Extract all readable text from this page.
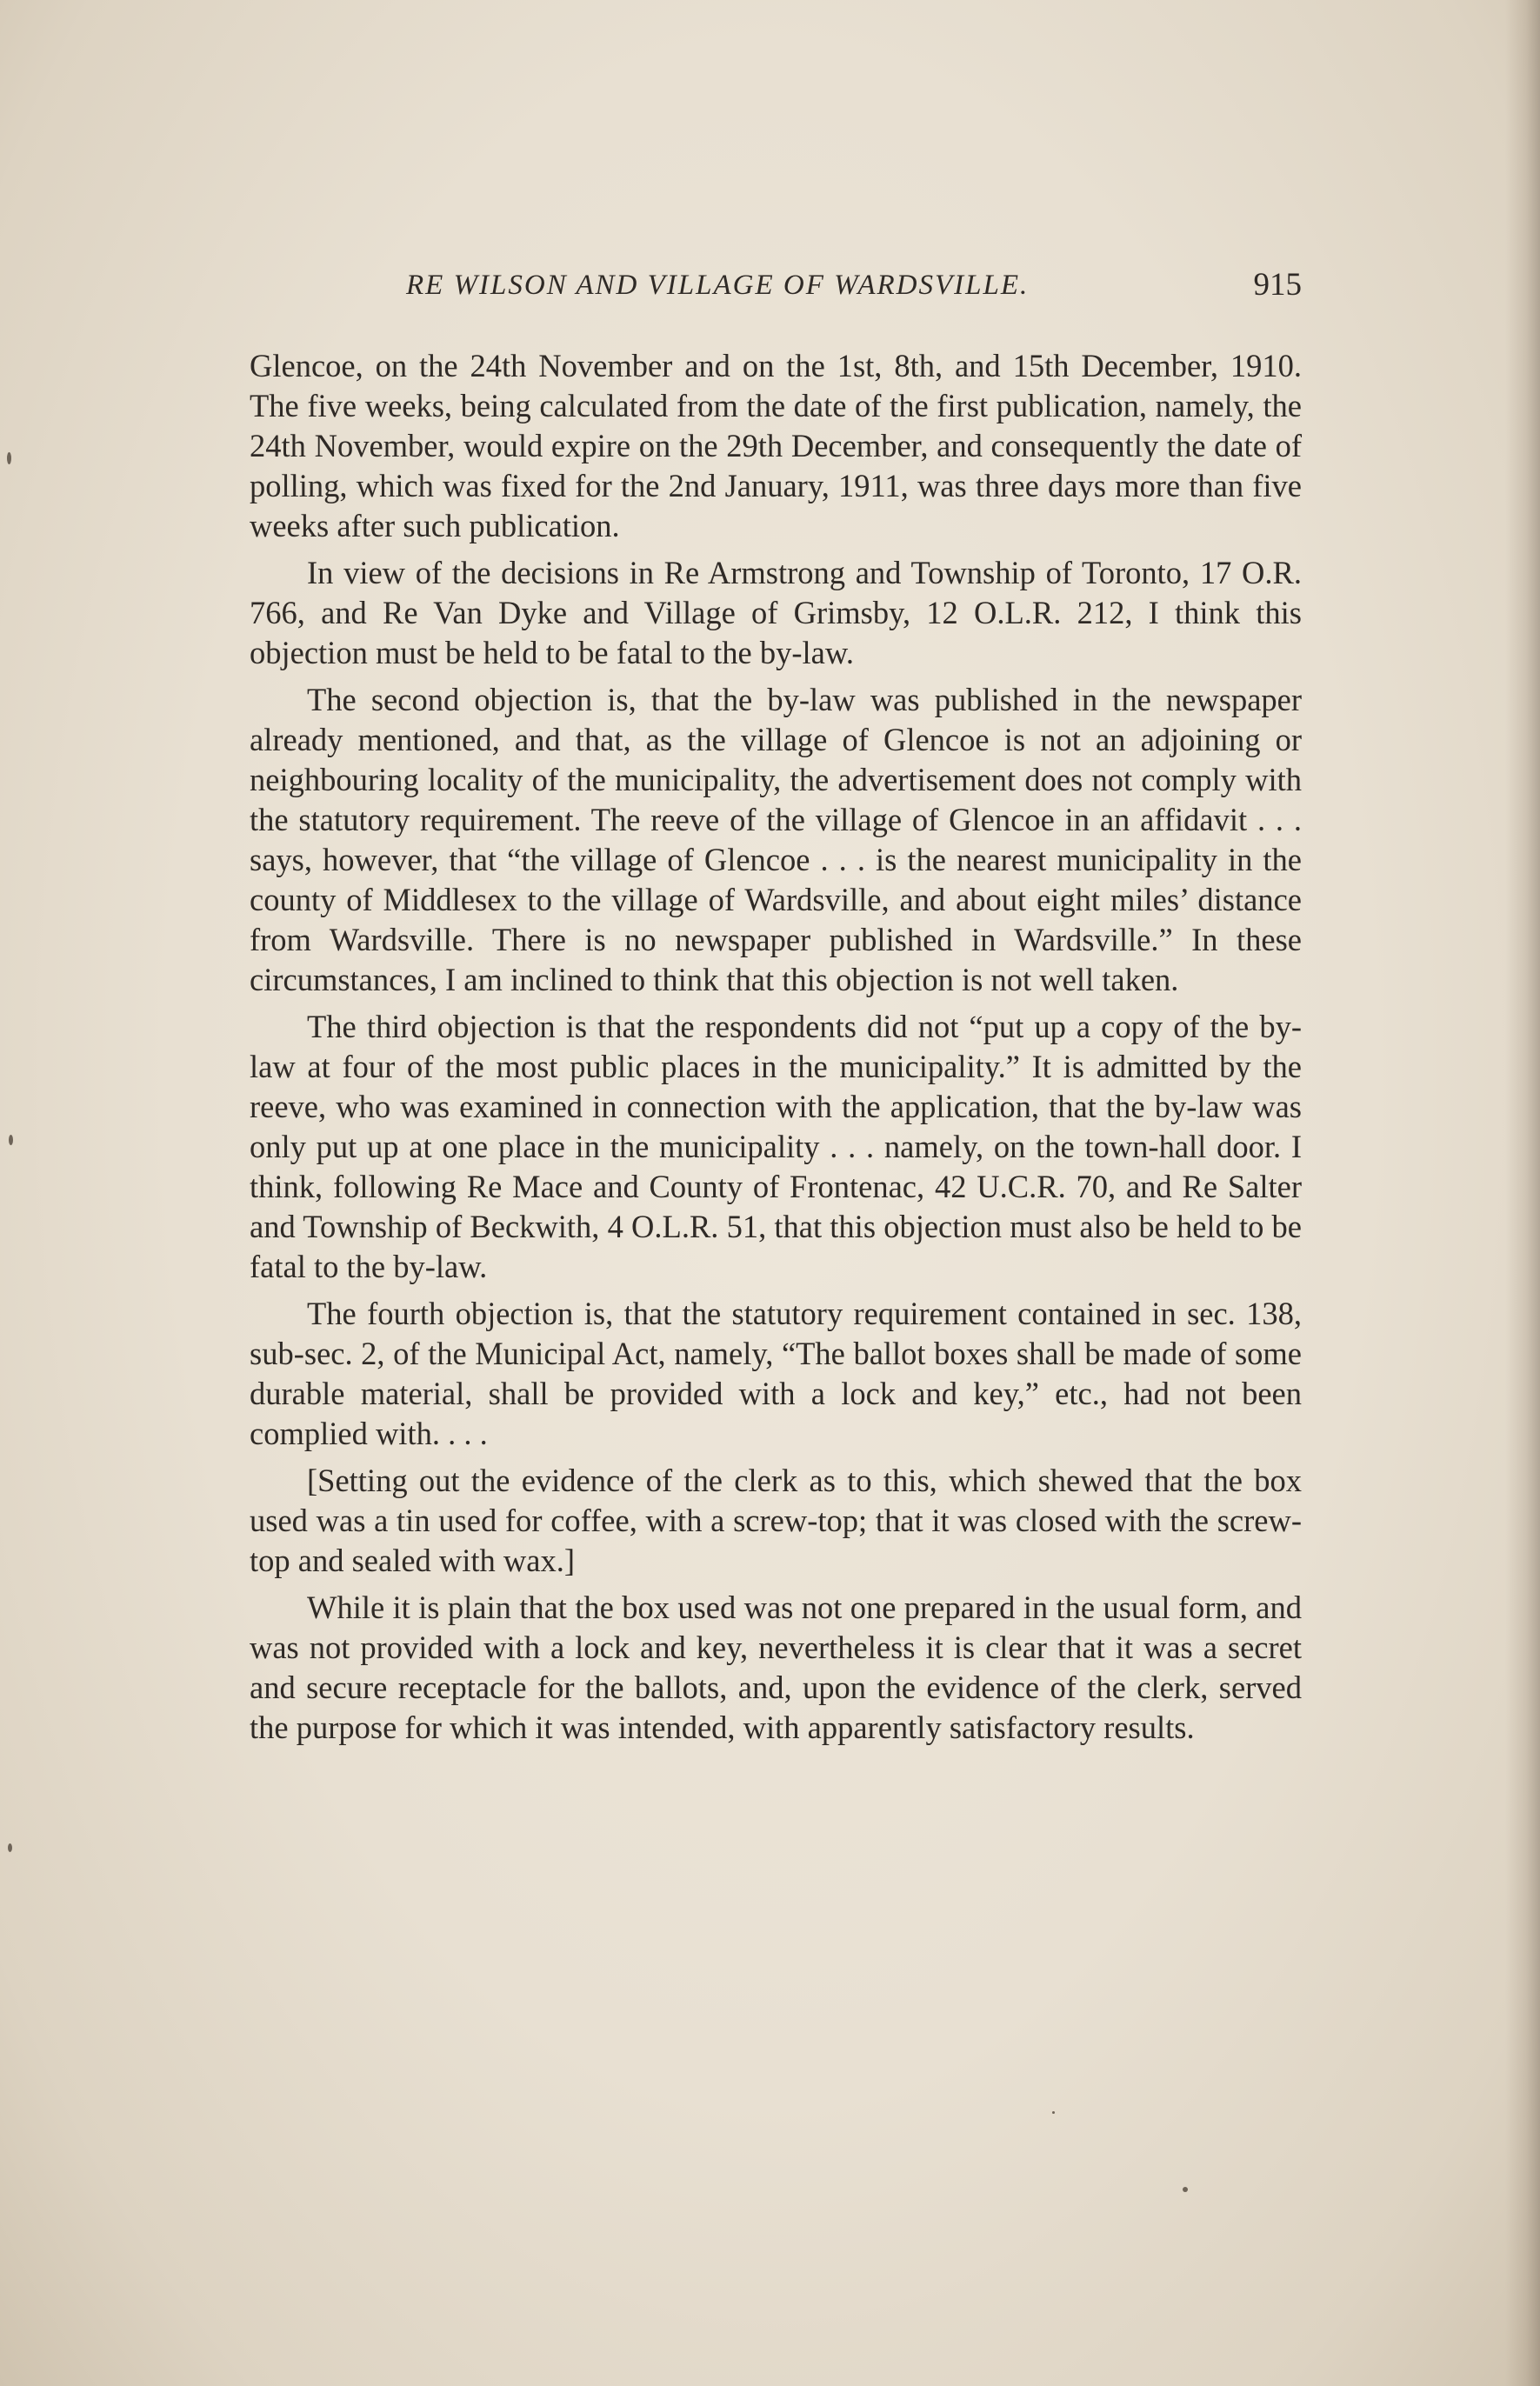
RE WILSON AND VILLAGE OF WARDSVILLE.	915

Glencoe, on the 24th November and on the 1st, 8th, and 15th December, 1910. The five weeks, being calculated from the date of the first publication, namely, the 24th November, would expire on the 29th December, and consequently the date of polling, which was fixed for the 2nd January, 1911, was three days more than five weeks after such publication.

In view of the decisions in Re Armstrong and Township of Toronto, 17 O.R. 766, and Re Van Dyke and Village of Grimsby, 12 O.L.R. 212, I think this objection must be held to be fatal to the by-law.

The second objection is, that the by-law was published in the newspaper already mentioned, and that, as the village of Glencoe is not an adjoining or neighbouring locality of the municipality, the advertisement does not comply with the statutory requirement. The reeve of the village of Glencoe in an affidavit . . . says, however, that “the village of Glencoe . . . is the nearest municipality in the county of Middlesex to the village of Wardsville, and about eight miles’ distance from Wardsville. There is no newspaper published in Wardsville.” In these circumstances, I am inclined to think that this objection is not well taken.

The third objection is that the respondents did not “put up a copy of the by-law at four of the most public places in the municipality.” It is admitted by the reeve, who was examined in connection with the application, that the by-law was only put up at one place in the municipality . . . namely, on the town-hall door. I think, following Re Mace and County of Frontenac, 42 U.C.R. 70, and Re Salter and Township of Beckwith, 4 O.L.R. 51, that this objection must also be held to be fatal to the by-law.

The fourth objection is, that the statutory requirement contained in sec. 138, sub-sec. 2, of the Municipal Act, namely, “The ballot boxes shall be made of some durable material, shall be provided with a lock and key,” etc., had not been complied with. . . .

[Setting out the evidence of the clerk as to this, which shewed that the box used was a tin used for coffee, with a screw-top; that it was closed with the screw-top and sealed with wax.]

While it is plain that the box used was not one prepared in the usual form, and was not provided with a lock and key, nevertheless it is clear that it was a secret and secure receptacle for the ballots, and, upon the evidence of the clerk, served the purpose for which it was intended, with apparently satisfactory results.
